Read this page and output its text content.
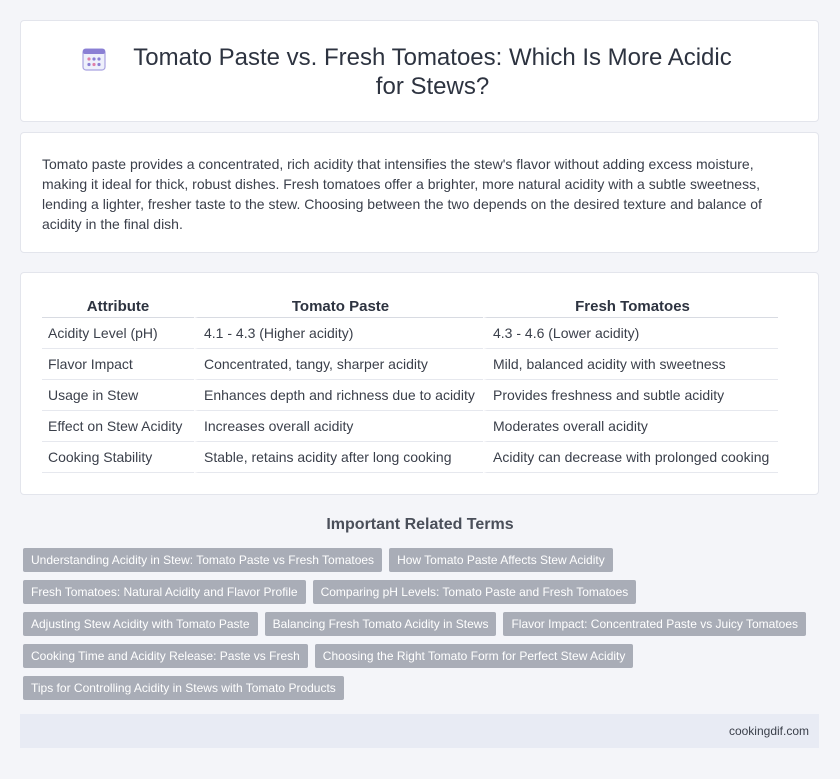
Tomato Paste vs. Fresh Tomatoes: Which Is More Acidic for Stews?

Tomato paste provides a concentrated, rich acidity that intensifies the stew's flavor without adding excess moisture, making it ideal for thick, robust dishes. Fresh tomatoes offer a brighter, more natural acidity with a subtle sweetness, lending a lighter, fresher taste to the stew. Choosing between the two depends on the desired texture and balance of acidity in the final dish.

Attribute	Tomato Paste	Fresh Tomatoes
Acidity Level (pH)	4.1 - 4.3 (Higher acidity)	4.3 - 4.6 (Lower acidity)
Flavor Impact	Concentrated, tangy, sharper acidity	Mild, balanced acidity with sweetness
Usage in Stew	Enhances depth and richness due to acidity	Provides freshness and subtle acidity
Effect on Stew Acidity	Increases overall acidity	Moderates overall acidity
Cooking Stability	Stable, retains acidity after long cooking	Acidity can decrease with prolonged cooking
Important Related Terms
Understanding Acidity in Stew: Tomato Paste vs Fresh Tomatoes	How Tomato Paste Affects Stew Acidity
Fresh Tomatoes: Natural Acidity and Flavor Profile	Comparing pH Levels: Tomato Paste and Fresh Tomatoes
Adjusting Stew Acidity with Tomato Paste	Balancing Fresh Tomato Acidity in Stews	Flavor Impact: Concentrated Paste vs Juicy Tomatoes
Cooking Time and Acidity Release: Paste vs Fresh	Choosing the Right Tomato Form for Perfect Stew Acidity
Tips for Controlling Acidity in Stews with Tomato Products
cookingdif.com
